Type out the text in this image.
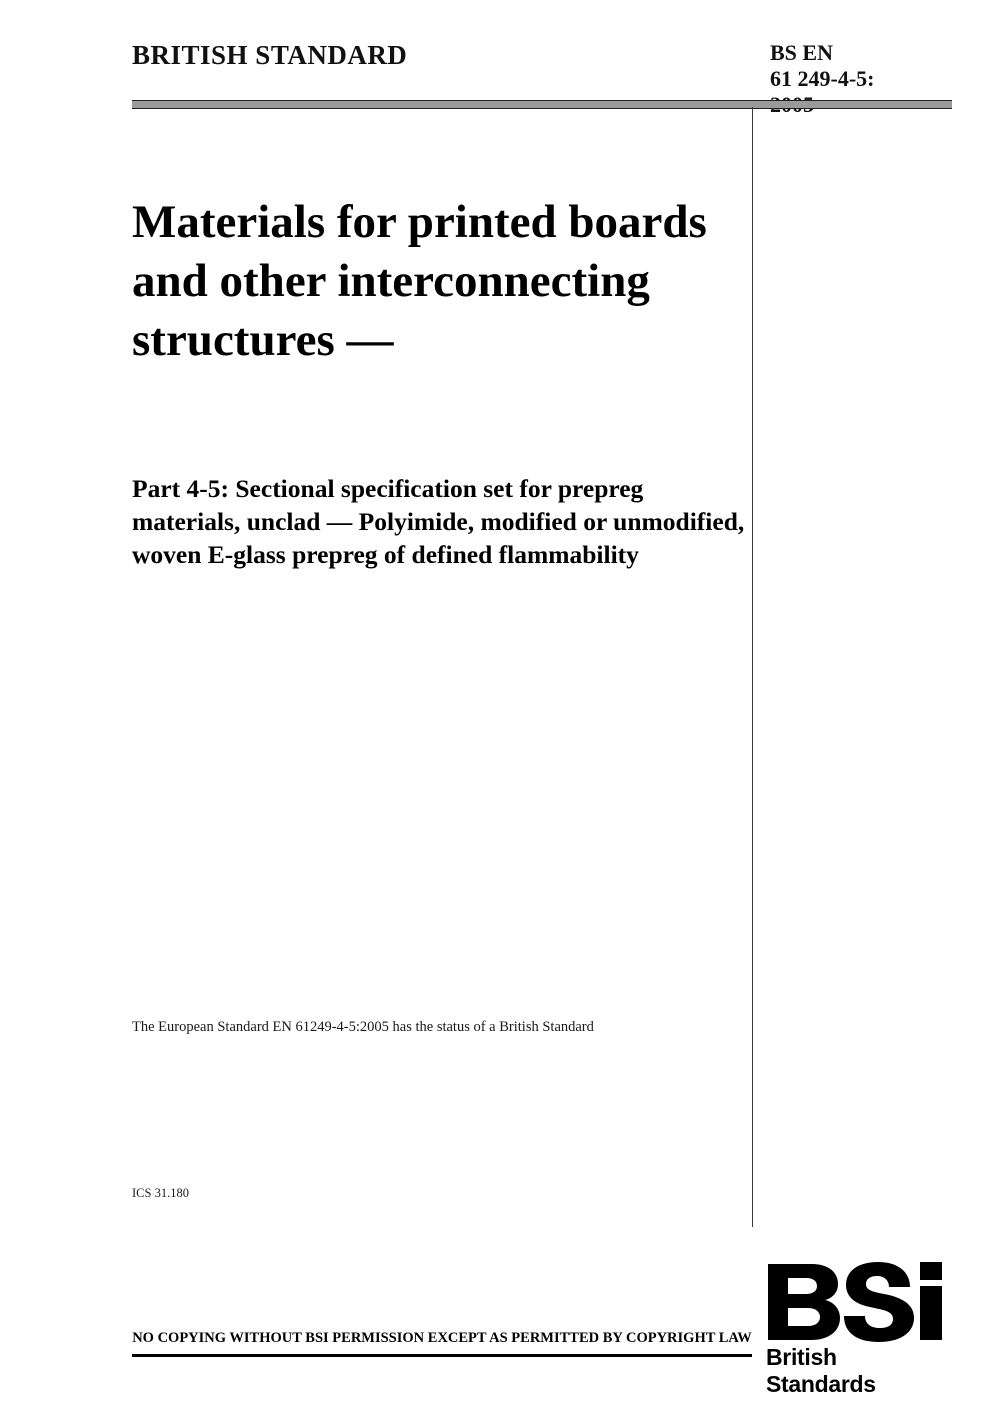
BRITISH STANDARD	BS EN
61 249-4-5:
Materials for printed boards and other interconnecting structures —
Part 4-5: Sectional specification set for prepreg materials, unclad — Polyimide, modified or unmodified, woven E-glass prepreg of defined flammability
The European Standard EN 61249-4-5:2005 has the status of a British Standard
ICS 31.180
British Standards
NO COPYING WITHOUT BSI PERMISSION EXCEPT AS PERMITTED BY COPYRIGHT LAW
